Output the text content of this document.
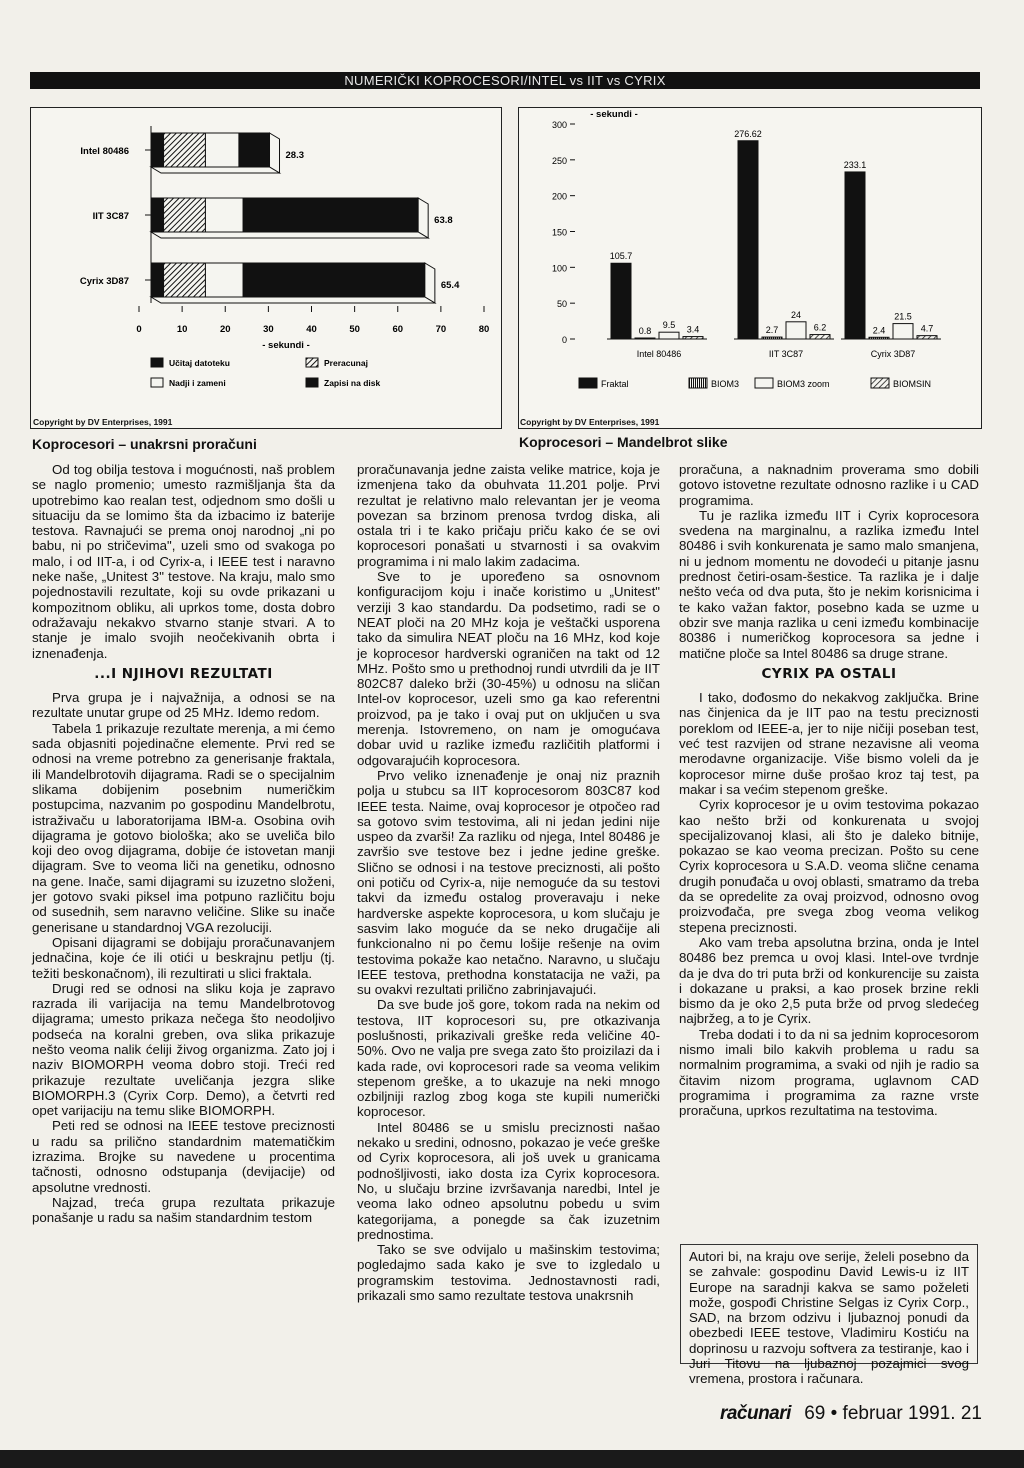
NUMERIČKI KOPROCESORI/INTEL vs IIT vs CYRIX
Intel 80486	28.3
IIT 3C87	63.8
Cyrix 3D87	65.4
0	10	20	30	40	50	60	70	80
- sekundi -
Učitaj datoteku
Nadji i zameni
Preracunaj
Zapisi na disk
Copyright by DV Enterprises, 1991
Koprocesori – unakrsni proračuni
- sekundi -
0
50
100
150
200
250
300
105.7
0.8
9.5 3.4
Intel 80486
276.62
2.7
24
6.2
IIT 3C87
233.1
2.4
21.5
4.7
Cyrix 3D87
Fraktal	BIOM3	BIOM3 zoom	BIOMSIN
Copyright by DV Enterprises, 1991
Koprocesori – Mandelbrot slike

Od tog obilja testova i mogućnosti, naš problem se naglo promenio; umesto razmišljanja šta da upotrebimo kao realan test, odjednom smo došli u situaciju da se lomimo šta da izbacimo iz baterije testova. Ravnajući se prema onoj narodnoj „ni po babu, ni po stričevima", uzeli smo od svakoga po malo, i od IIT-a, i od Cyrix-a, i IEEE test i naravno neke naše, „Unitest 3" testove. Na kraju, malo smo pojednostavili rezultate, koji su ovde prikazani u kompozitnom obliku, ali uprkos tome, dosta dobro odražavaju nekakvo stvarno stanje stvari. A to stanje je imalo svojih neočekivanih obrta i iznenađenja.

...I NJIHOVI REZULTATI

Prva grupa je i najvažnija, a odnosi se na rezultate unutar grupe od 25 MHz. Idemo redom.

Tabela 1 prikazuje rezultate merenja, a mi ćemo sada objasniti pojedinačne elemente. Prvi red se odnosi na vreme potrebno za generisanje fraktala, ili Mandelbrotovih dijagrama. Radi se o specijalnim slikama dobijenim posebnim numeričkim postupcima, nazvanim po gospodinu Mandelbrotu, istraživaču u laboratorijama IBM-a. Osobina ovih dijagrama je gotovo biološka; ako se uveliča bilo koji deo ovog dijagrama, dobije će istovetan manji dijagram. Sve to veoma liči na genetiku, odnosno na gene. Inače, sami dijagrami su izuzetno složeni, jer gotovo svaki piksel ima potpuno različitu boju od susednih, sem naravno veličine. Slike su inače generisane u standardnoj VGA rezoluciji.

Opisani dijagrami se dobijaju proračunavanjem jednačina, koje će ili otići u beskrajnu petlju (tj. težiti beskonačnom), ili rezultirati u slici fraktala.

Drugi red se odnosi na sliku koja je zapravo razrada ili varijacija na temu Mandelbrotovog dijagrama; umesto prikaza nečega što neodoljivo podseća na koralni greben, ova slika prikazuje nešto veoma nalik ćeliji živog organizma. Zato joj i naziv BIOMORPH veoma dobro stoji. Treći red prikazuje rezultate uveličanja jezgra slike BIOMORPH.3 (Cyrix Corp. Demo), a četvrti red opet varijaciju na temu slike BIOMORPH.

Peti red se odnosi na IEEE testove preciznosti u radu sa prilično standardnim matematičkim izrazima. Brojke su navedene u procentima tačnosti, odnosno odstupanja (devijacije) od apsolutne vrednosti.

Najzad, treća grupa rezultata prikazuje ponašanje u radu sa našim standardnim testom

proračunavanja jedne zaista velike matrice, koja je izmenjena tako da obuhvata 11.201 polje. Prvi rezultat je relativno malo relevantan jer je veoma povezan sa brzinom prenosa tvrdog diska, ali ostala tri i te kako pričaju priču kako će se ovi koprocesori ponašati u stvarnosti i sa ovakvim programima i ni malo lakim zadacima.

Sve to je upoređeno sa osnovnom konfiguracijom koju i inače koristimo u „Unitest" verziji 3 kao standardu. Da podsetimo, radi se o NEAT ploči na 20 MHz koja je veštački usporena tako da simulira NEAT ploču na 16 MHz, kod koje je koprocesor hardverski ograničen na takt od 12 MHz. Pošto smo u prethodnoj rundi utvrdili da je IIT 802C87 daleko brži (30-45%) u odnosu na sličan Intel-ov koprocesor, uzeli smo ga kao referentni proizvod, pa je tako i ovaj put on uključen u sva merenja. Istovremeno, on nam je omogućava dobar uvid u razlike između različitih platformi i odgovarajućih koprocesora.

Prvo veliko iznenađenje je onaj niz praznih polja u stubcu sa IIT koprocesorom 803C87 kod IEEE testa. Naime, ovaj koprocesor je otpočeo rad sa gotovo svim testovima, ali ni jedan jedini nije uspeo da zvarši! Za razliku od njega, Intel 80486 je završio sve testove bez i jedne jedine greške. Slično se odnosi i na testove preciznosti, ali pošto oni potiču od Cyrix-a, nije nemoguće da su testovi takvi da između ostalog proveravaju i neke hardverske aspekte koprocesora, u kom slučaju je sasvim lako moguće da se neko drugačije ali funkcionalno ni po čemu lošije rešenje na ovim testovima pokaže kao netačno. Naravno, u slučaju IEEE testova, prethodna konstatacija ne važi, pa su ovakvi rezultati prilično zabrinjavajući.

Da sve bude još gore, tokom rada na nekim od testova, IIT koprocesori su, pre otkazivanja poslušnosti, prikazivali greške reda veličine 40-50%. Ovo ne valja pre svega zato što proizilazi da i kada rade, ovi koprocesori rade sa veoma velikim stepenom greške, a to ukazuje na neki mnogo ozbiljniji razlog zbog koga ste kupili numerički koprocesor.

Intel 80486 se u smislu preciznosti našao nekako u sredini, odnosno, pokazao je veće greške od Cyrix koprocesora, ali još uvek u granicama podnošljivosti, iako dosta iza Cyrix koprocesora. No, u slučaju brzine izvršavanja naredbi, Intel je veoma lako odneo apsolutnu pobedu u svim kategorijama, a ponegde sa čak izuzetnim prednostima.

Tako se sve odvijalo u mašinskim testovima; pogledajmo sada kako je sve to izgledalo u programskim testovima. Jednostavnosti radi, prikazali smo samo rezultate testova unakrsnih

proračuna, a naknadnim proverama smo dobili gotovo istovetne rezultate odnosno razlike i u CAD programima.

Tu je razlika između IIT i Cyrix koprocesora svedena na marginalnu, a razlika između Intel 80486 i svih konkurenata je samo malo smanjena, ni u jednom momentu ne dovodeći u pitanje jasnu prednost četiri-osam-šestice. Ta razlika je i dalje nešto veća od dva puta, što je nekim korisnicima i te kako važan faktor, posebno kada se uzme u obzir sve manja razlika u ceni između kombinacije 80386 i numeričkog koprocesora sa jedne i matične ploče sa Intel 80486 sa druge strane.

CYRIX PA OSTALI

I tako, dođosmo do nekakvog zaključka. Brine nas činjenica da je IIT pao na testu preciznosti poreklom od IEEE-a, jer to nije ničiji poseban test, već test razvijen od strane nezavisne ali veoma merodavne organizacije. Više bismo voleli da je koprocesor mirne duše prošao kroz taj test, pa makar i sa većim stepenom greške.

Cyrix koprocesor je u ovim testovima pokazao kao nešto brži od konkurenata u svojoj specijalizovanoj klasi, ali što je daleko bitnije, pokazao se kao veoma precizan. Pošto su cene Cyrix koprocesora u S.A.D. veoma slične cenama drugih ponuđača u ovoj oblasti, smatramo da treba da se opredelite za ovaj proizvod, odnosno ovog proizvođača, pre svega zbog veoma velikog stepena preciznosti.

Ako vam treba apsolutna brzina, onda je Intel 80486 bez premca u ovoj klasi. Intel-ove tvrdnje da je dva do tri puta brži od konkurencije su zaista i dokazane u praksi, a kao prosek brzine rekli bismo da je oko 2,5 puta brže od prvog sledećeg najbržeg, a to je Cyrix.

Treba dodati i to da ni sa jednim koprocesorom nismo imali bilo kakvih problema u radu sa normalnim programima, a svaki od njih je radio sa čitavim nizom programa, uglavnom CAD programima i programima za razne vrste proračuna, uprkos rezultatima na testovima.

Autori bi, na kraju ove serije, želeli posebno da se zahvale: gospodinu David Lewis-u iz IIT Europe na saradnji kakva se samo poželeti može, gospođi Christine Selgas iz Cyrix Corp., SAD, na brzom odzivu i ljubaznoj ponudi da obezbedi IEEE testove, Vladimiru Kostiću na doprinosu u razvoju softvera za testiranje, kao i Juri Titovu na ljubaznoj pozajmici svog vremena, prostora i računara.
računari 69 • februar 1991. 21
